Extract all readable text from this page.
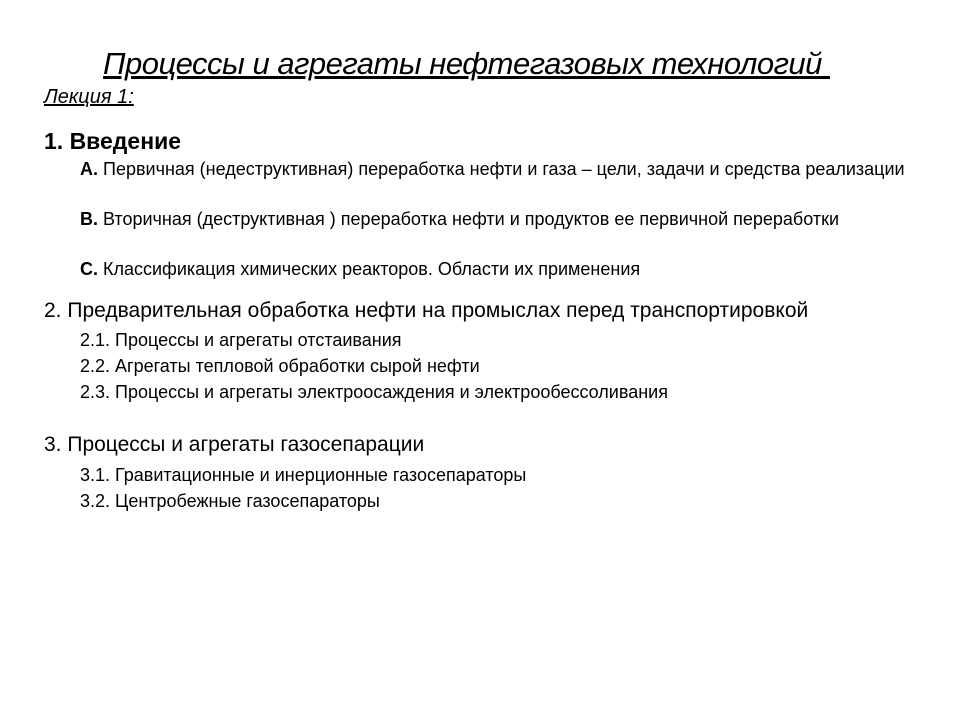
Процессы и агрегаты нефтегазовых технологий
Лекция 1:
1. Введение
А. Первичная (недеструктивная) переработка нефти и газа – цели, задачи и средства реализации
В. Вторичная (деструктивная ) переработка нефти и продуктов ее первичной переработки
С. Классификация химических реакторов. Области их применения
2. Предварительная обработка нефти на промыслах перед транспортировкой
2.1. Процессы и агрегаты отстаивания
2.2. Агрегаты тепловой обработки сырой нефти
2.3. Процессы и агрегаты электроосаждения и электрообессоливания
3. Процессы и агрегаты газосепарации
3.1. Гравитационные и инерционные газосепараторы
3.2. Центробежные газосепараторы
